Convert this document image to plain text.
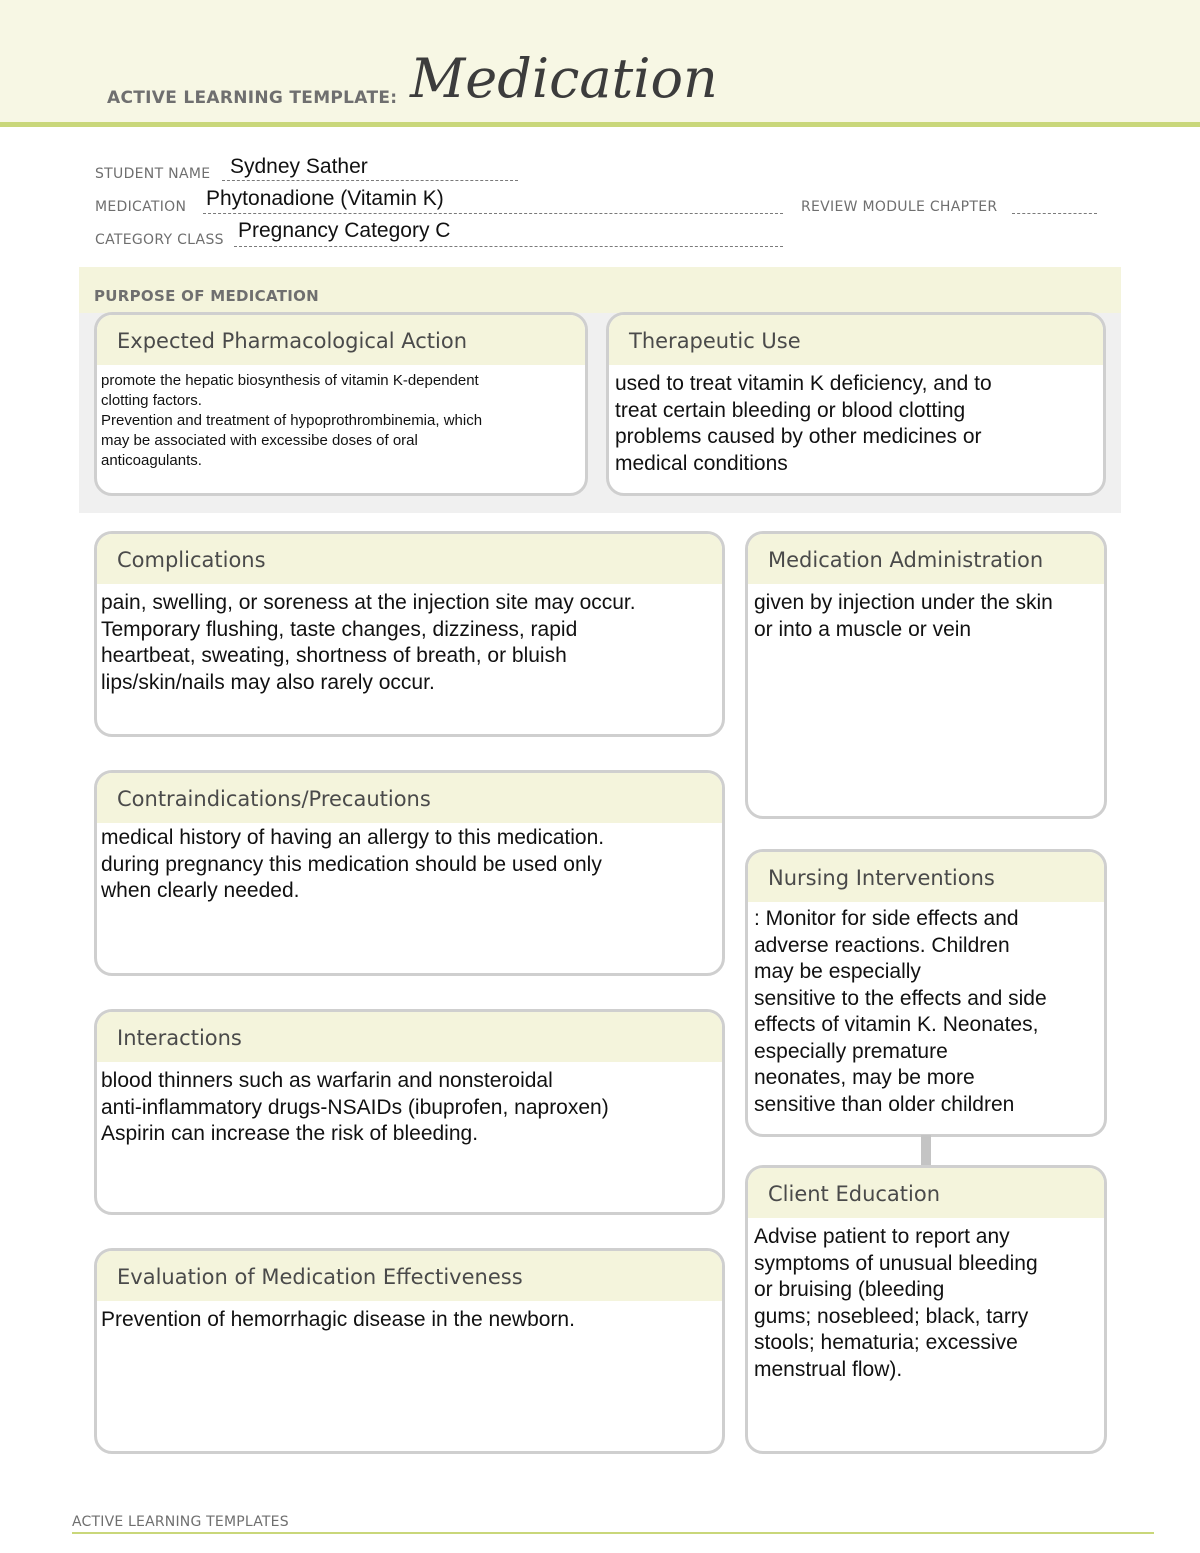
ACTIVE LEARNING TEMPLATE: Medication
STUDENT NAME Sydney Sather
MEDICATION Phytonadione (Vitamin K)	REVIEW MODULE CHAPTER
CATEGORY CLASS Pregnancy Category C
PURPOSE OF MEDICATION
Expected Pharmacological Action
promote the hepatic biosynthesis of vitamin K-dependent
clotting factors.
Prevention and treatment of hypoprothrombinemia, which
may be associated with excessibe doses of oral
anticoagulants.
Therapeutic Use
used to treat vitamin K deficiency, and to
treat certain bleeding or blood clotting
problems caused by other medicines or
medical conditions
Complications
pain, swelling, or soreness at the injection site may occur.
Temporary flushing, taste changes, dizziness, rapid
heartbeat, sweating, shortness of breath, or bluish
lips/skin/nails may also rarely occur.
Contraindications/Precautions
medical history of having an allergy to this medication.
during pregnancy this medication should be used only
when clearly needed.
Interactions
blood thinners such as warfarin and nonsteroidal
anti-inflammatory drugs-NSAIDs (ibuprofen, naproxen)
Aspirin can increase the risk of bleeding.
Evaluation of Medication Effectiveness
Prevention of hemorrhagic disease in the newborn.
Medication Administration
given by injection under the skin
or into a muscle or vein
Nursing Interventions
: Monitor for side effects and
adverse reactions. Children
may be especially
sensitive to the effects and side
effects of vitamin K. Neonates,
especially premature
neonates, may be more
sensitive than older children
Client Education
Advise patient to report any
symptoms of unusual bleeding
or bruising (bleeding
gums; nosebleed; black, tarry
stools; hematuria; excessive
menstrual flow).
ACTIVE LEARNING TEMPLATES
